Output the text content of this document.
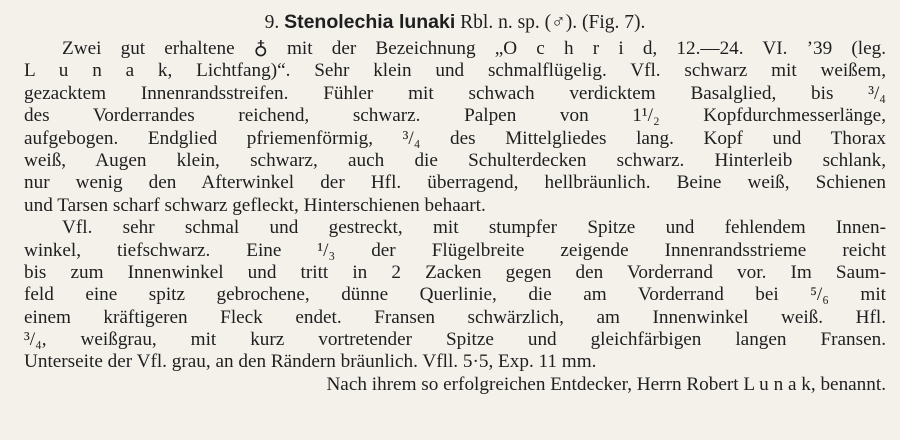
9. Stenolechia lunaki Rbl. n. sp. (♂). (Fig. 7).
Zwei gut erhaltene ♁ mit der Bezeichnung „O c h r i d, 12.—24. VI. ’39 (leg.
L u n a k, Lichtfang)“. Sehr klein und schmalflügelig. Vfl. schwarz mit weißem,
gezacktem Innenrandsstreifen. Fühler mit schwach verdicktem Basalglied, bis ³/₄
des Vorderrandes reichend, schwarz. Palpen von 1¹/₂ Kopfdurchmesserlänge,
aufgebogen. Endglied pfriemenförmig, ³/₄ des Mittelgliedes lang. Kopf und Thorax
weiß, Augen klein, schwarz, auch die Schulterdecken schwarz. Hinterleib schlank,
nur wenig den Afterwinkel der Hfl. überragend, hellbräunlich. Beine weiß, Schienen
und Tarsen scharf schwarz gefleckt, Hinterschienen behaart.
Vfl. sehr schmal und gestreckt, mit stumpfer Spitze und fehlendem Innen-
winkel, tiefschwarz. Eine ¹/₃ der Flügelbreite zeigende Innenrandsstrieme reicht
bis zum Innenwinkel und tritt in 2 Zacken gegen den Vorderrand vor. Im Saum-
feld eine spitz gebrochene, dünne Querlinie, die am Vorderrand bei ⁵/₆ mit
einem kräftigeren Fleck endet. Fransen schwärzlich, am Innenwinkel weiß. Hfl.
³/₄, weißgrau, mit kurz vortretender Spitze und gleichfärbigen langen Fransen.
Unterseite der Vfl. grau, an den Rändern bräunlich. Vfll. 5·5, Exp. 11 mm.
Nach ihrem so erfolgreichen Entdecker, Herrn Robert L u n a k, benannt.
